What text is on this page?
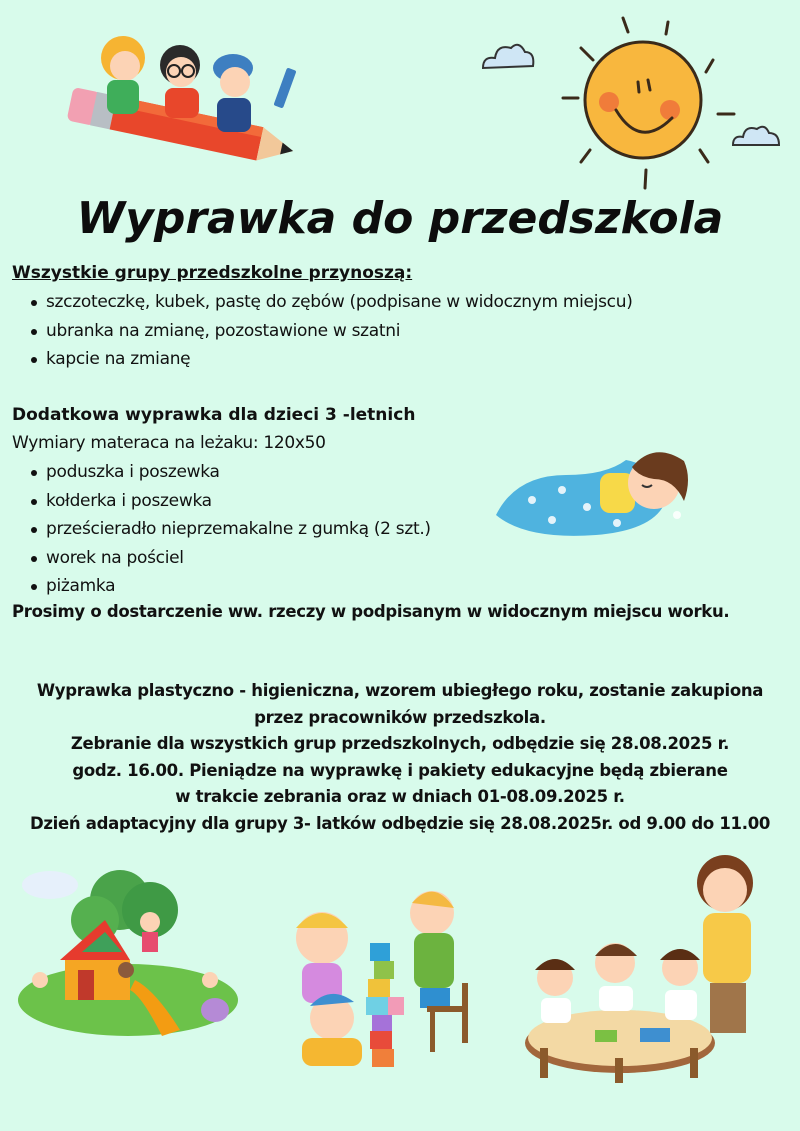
Wyprawka do przedszkola
Wszystkie grupy przedszkolne przynoszą:
szczoteczkę, kubek, pastę do zębów (podpisane w widocznym miejscu)
ubranka na zmianę, pozostawione w szatni
kapcie na zmianę
Dodatkowa wyprawka dla dzieci 3 -letnich
Wymiary materaca na leżaku: 120x50
poduszka i poszewka
kołderka i poszewka
prześcieradło nieprzemakalne z gumką (2 szt.)
worek na pościel
piżamka
Prosimy o dostarczenie ww. rzeczy w podpisanym w widocznym miejscu worku.
Wyprawka plastyczno - higieniczna, wzorem ubiegłego roku, zostanie zakupiona
przez pracowników przedszkola.
Zebranie dla wszystkich grup przedszkolnych, odbędzie się 28.08.2025 r.
godz. 16.00. Pieniądze na wyprawkę i pakiety edukacyjne będą zbierane
w trakcie zebrania oraz w dniach 01-08.09.2025 r.
Dzień adaptacyjny dla grupy 3- latków odbędzie się 28.08.2025r. od 9.00 do 11.00
